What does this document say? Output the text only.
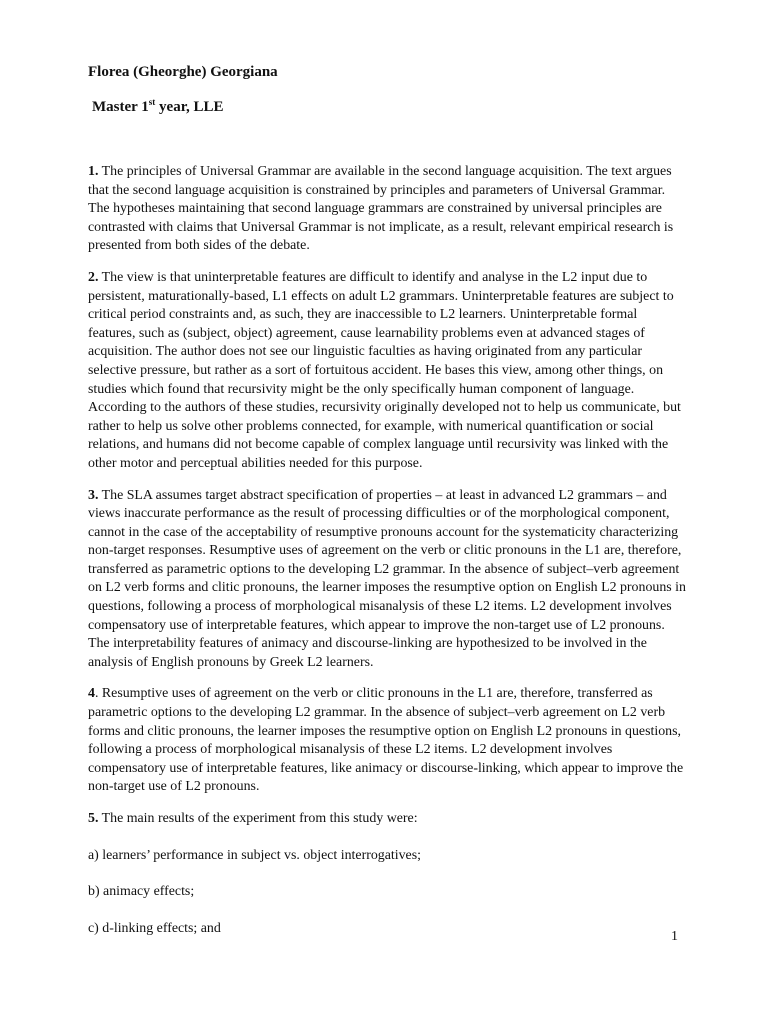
Florea (Gheorghe) Georgiana
Master 1st year, LLE

1. The principles of Universal Grammar are available in the second language acquisition. The text argues that the second language acquisition is constrained by principles and parameters of Universal Grammar. The hypotheses maintaining that second language grammars are constrained by universal principles are contrasted with claims that Universal Grammar is not implicate, as a result, relevant empirical research is presented from both sides of the debate.

2. The view is that uninterpretable features are difficult to identify and analyse in the L2 input due to persistent, maturationally-based, L1 effects on adult L2 grammars. Uninterpretable features are subject to critical period constraints and, as such, they are inaccessible to L2 learners. Uninterpretable formal features, such as (subject, object) agreement, cause learnability problems even at advanced stages of acquisition. The author does not see our linguistic faculties as having originated from any particular selective pressure, but rather as a sort of fortuitous accident. He bases this view, among other things, on studies which found that recursivity might be the only specifically human component of language. According to the authors of these studies, recursivity originally developed not to help us communicate, but rather to help us solve other problems connected, for example, with numerical quantification or social relations, and humans did not become capable of complex language until recursivity was linked with the other motor and perceptual abilities needed for this purpose.

3. The SLA assumes target abstract specification of properties – at least in advanced L2 grammars – and views inaccurate performance as the result of processing difficulties or of the morphological component, cannot in the case of the acceptability of resumptive pronouns account for the systematicity characterizing non-target responses. Resumptive uses of agreement on the verb or clitic pronouns in the L1 are, therefore, transferred as parametric options to the developing L2 grammar. In the absence of subject–verb agreement on L2 verb forms and clitic pronouns, the learner imposes the resumptive option on English L2 pronouns in questions, following a process of morphological misanalysis of these L2 items. L2 development involves compensatory use of interpretable features, which appear to improve the non-target use of L2 pronouns. The interpretability features of animacy and discourse-linking are hypothesized to be involved in the analysis of English pronouns by Greek L2 learners.

4. Resumptive uses of agreement on the verb or clitic pronouns in the L1 are, therefore, transferred as parametric options to the developing L2 grammar. In the absence of subject–verb agreement on L2 verb forms and clitic pronouns, the learner imposes the resumptive option on English L2 pronouns in questions, following a process of morphological misanalysis of these L2 items. L2 development involves compensatory use of interpretable features, like animacy or discourse-linking, which appear to improve the non-target use of L2 pronouns.

5. The main results of the experiment from this study were:

a) learners’ performance in subject vs. object interrogatives;

b) animacy effects;

c) d-linking effects; and

1
